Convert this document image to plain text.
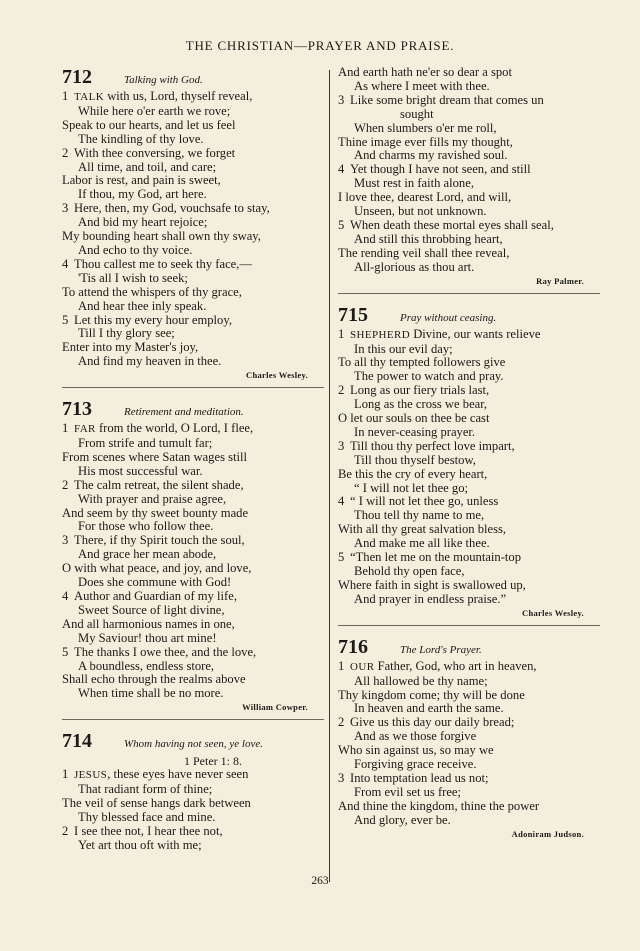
THE CHRISTIAN—PRAYER AND PRAISE.
712	Talking with God.
1 TALK with us, Lord, thyself reveal,
While here o'er earth we rove;
Speak to our hearts, and let us feel
The kindling of thy love.
2 With thee conversing, we forget
All time, and toil, and care;
Labor is rest, and pain is sweet,
If thou, my God, art here.
3 Here, then, my God, vouchsafe to stay,
And bid my heart rejoice;
My bounding heart shall own thy sway,
And echo to thy voice.
4 Thou callest me to seek thy face,—
'Tis all I wish to seek;
To attend the whispers of thy grace,
And hear thee inly speak.
5 Let this my every hour employ,
Till I thy glory see;
Enter into my Master's joy,
And find my heaven in thee.
Charles Wesley.
713	Retirement and meditation.
1 FAR from the world, O Lord, I flee,
From strife and tumult far;
From scenes where Satan wages still
His most successful war.
2 The calm retreat, the silent shade,
With prayer and praise agree,
And seem by thy sweet bounty made
For those who follow thee.
3 There, if thy Spirit touch the soul,
And grace her mean abode,
O with what peace, and joy, and love,
Does she commune with God!
4 Author and Guardian of my life,
Sweet Source of light divine,
And all harmonious names in one,
My Saviour! thou art mine!
5 The thanks I owe thee, and the love,
A boundless, endless store,
Shall echo through the realms above
When time shall be no more.
William Cowper.
714	Whom having not seen, ye love.
1 Peter 1: 8.
1 JESUS, these eyes have never seen
That radiant form of thine;
The veil of sense hangs dark between
Thy blessed face and mine.
2 I see thee not, I hear thee not,
Yet art thou oft with me;
And earth hath ne'er so dear a spot
As where I meet with thee.
3 Like some bright dream that comes un
sought
When slumbers o'er me roll,
Thine image ever fills my thought,
And charms my ravished soul.
4 Yet though I have not seen, and still
Must rest in faith alone,
I love thee, dearest Lord, and will,
Unseen, but not unknown.
5 When death these mortal eyes shall seal,
And still this throbbing heart,
The rending veil shall thee reveal,
All-glorious as thou art.
Ray Palmer.
715	Pray without ceasing.
1 SHEPHERD Divine, our wants relieve
In this our evil day;
To all thy tempted followers give
The power to watch and pray.
2 Long as our fiery trials last,
Long as the cross we bear,
O let our souls on thee be cast
In never-ceasing prayer.
3 Till thou thy perfect love impart,
Till thou thyself bestow,
Be this the cry of every heart,
“ I will not let thee go;
4 “ I will not let thee go, unless
Thou tell thy name to me,
With all thy great salvation bless,
And make me all like thee.
5 “Then let me on the mountain-top
Behold thy open face,
Where faith in sight is swallowed up,
And prayer in endless praise.”
Charles Wesley.
716	The Lord's Prayer.
1 OUR Father, God, who art in heaven,
All hallowed be thy name;
Thy kingdom come; thy will be done
In heaven and earth the same.
2 Give us this day our daily bread;
And as we those forgive
Who sin against us, so may we
Forgiving grace receive.
3 Into temptation lead us not;
From evil set us free;
And thine the kingdom, thine the power
And glory, ever be.
Adoniram Judson.
263
